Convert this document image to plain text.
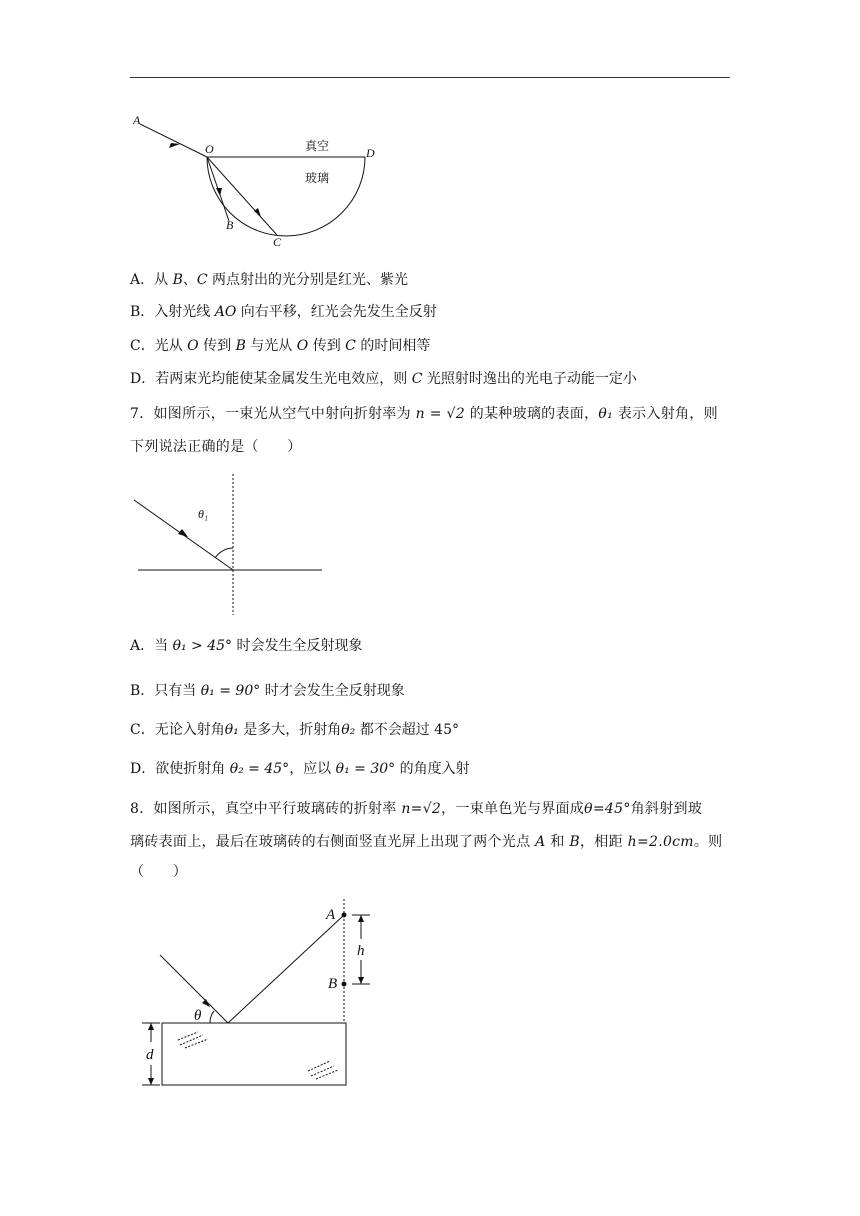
A
O	D
B
C
真空
玻璃
A．从 B、C 两点射出的光分别是红光、紫光
B．入射光线 AO 向右平移，红光会先发生全反射
C．光从 O 传到 B 与光从 O 传到 C 的时间相等
D．若两束光均能使某金属发生光电效应，则 C 光照射时逸出的光电子动能一定小
7．如图所示，一束光从空气中射向折射率为 n = √2 的某种玻璃的表面，θ₁ 表示入射角，则
下列说法正确的是（　　）
θ₁
A．当 θ₁ > 45° 时会发生全反射现象
B．只有当 θ₁ = 90° 时才会发生全反射现象
C．无论入射角θ₁ 是多大，折射角θ₂ 都不会超过 45°
D．欲使折射角 θ₂ = 45°，应以 θ₁ = 30° 的角度入射
8．如图所示，真空中平行玻璃砖的折射率 n=√2，一束单色光与界面成θ=45°角斜射到玻
璃砖表面上，最后在玻璃砖的右侧面竖直光屏上出现了两个光点 A 和 B，相距 h=2.0cm。则
（　　）
A
B
h
d
θ
